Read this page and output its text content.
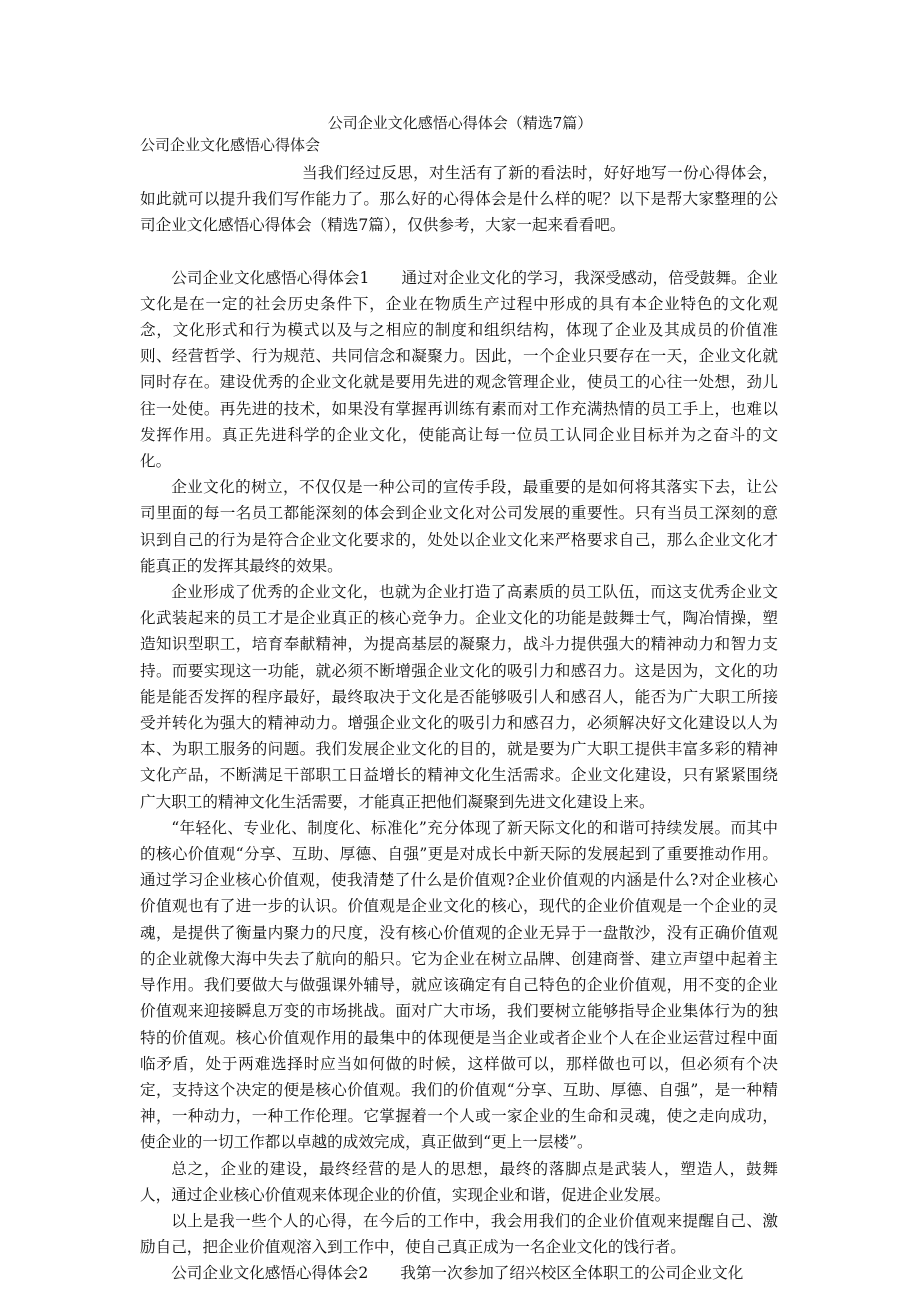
公司企业文化感悟心得体会（精选7篇）
公司企业文化感悟心得体会

当我们经过反思，对生活有了新的看法时，好好地写一份心得体会，如此就可以提升我们写作能力了。那么好的心得体会是什么样的呢？以下是帮大家整理的公司企业文化感悟心得体会（精选7篇），仅供参考，大家一起来看看吧。

公司企业文化感悟心得体会1 通过对企业文化的学习，我深受感动，倍受鼓舞。企业文化是在一定的社会历史条件下，企业在物质生产过程中形成的具有本企业特色的文化观念，文化形式和行为模式以及与之相应的制度和组织结构，体现了企业及其成员的价值准则、经营哲学、行为规范、共同信念和凝聚力。因此，一个企业只要存在一天，企业文化就同时存在。建设优秀的企业文化就是要用先进的观念管理企业，使员工的心往一处想，劲儿往一处使。再先进的技术，如果没有掌握再训练有素而对工作充满热情的员工手上，也难以发挥作用。真正先进科学的企业文化，使能高让每一位员工认同企业目标并为之奋斗的文化。

企业文化的树立，不仅仅是一种公司的宣传手段，最重要的是如何将其落实下去，让公司里面的每一名员工都能深刻的体会到企业文化对公司发展的重要性。只有当员工深刻的意识到自己的行为是符合企业文化要求的，处处以企业文化来严格要求自己，那么企业文化才能真正的发挥其最终的效果。

企业形成了优秀的企业文化，也就为企业打造了高素质的员工队伍，而这支优秀企业文化武装起来的员工才是企业真正的核心竞争力。企业文化的功能是鼓舞士气，陶冶情操，塑造知识型职工，培育奉献精神，为提高基层的凝聚力，战斗力提供强大的精神动力和智力支持。而要实现这一功能，就必须不断增强企业文化的吸引力和感召力。这是因为，文化的功能是能否发挥的程序最好，最终取决于文化是否能够吸引人和感召人，能否为广大职工所接受并转化为强大的精神动力。增强企业文化的吸引力和感召力，必须解决好文化建设以人为本、为职工服务的问题。我们发展企业文化的目的，就是要为广大职工提供丰富多彩的精神文化产品，不断满足干部职工日益增长的精神文化生活需求。企业文化建设，只有紧紧围绕广大职工的精神文化生活需要，才能真正把他们凝聚到先进文化建设上来。

“年轻化、专业化、制度化、标准化”充分体现了新天际文化的和谐可持续发展。而其中的核心价值观“分享、互助、厚德、自强”更是对成长中新天际的发展起到了重要推动作用。通过学习企业核心价值观，使我清楚了什么是价值观?企业价值观的内涵是什么?对企业核心价值观也有了进一步的认识。价值观是企业文化的核心，现代的企业价值观是一个企业的灵魂，是提供了衡量内聚力的尺度，没有核心价值观的企业无异于一盘散沙，没有正确价值观的企业就像大海中失去了航向的船只。它为企业在树立品牌、创建商誉、建立声望中起着主导作用。我们要做大与做强课外辅导，就应该确定有自己特色的企业价值观，用不变的企业价值观来迎接瞬息万变的市场挑战。面对广大市场，我们要树立能够指导企业集体行为的独特的价值观。核心价值观作用的最集中的体现便是当企业或者企业个人在企业运营过程中面临矛盾，处于两难选择时应当如何做的时候，这样做可以，那样做也可以，但必须有个决定，支持这个决定的便是核心价值观。我们的价值观“分享、互助、厚德、自强”，是一种精神，一种动力，一种工作伦理。它掌握着一个人或一家企业的生命和灵魂，使之走向成功，使企业的一切工作都以卓越的成效完成，真正做到“更上一层楼”。

总之，企业的建设，最终经营的是人的思想，最终的落脚点是武装人，塑造人，鼓舞人，通过企业核心价值观来体现企业的价值，实现企业和谐，促进企业发展。

以上是我一些个人的心得，在今后的工作中，我会用我们的企业价值观来提醒自己、激励自己，把企业价值观溶入到工作中，使自己真正成为一名企业文化的饯行者。

公司企业文化感悟心得体会2 我第一次参加了绍兴校区全体职工的公司企业文化
